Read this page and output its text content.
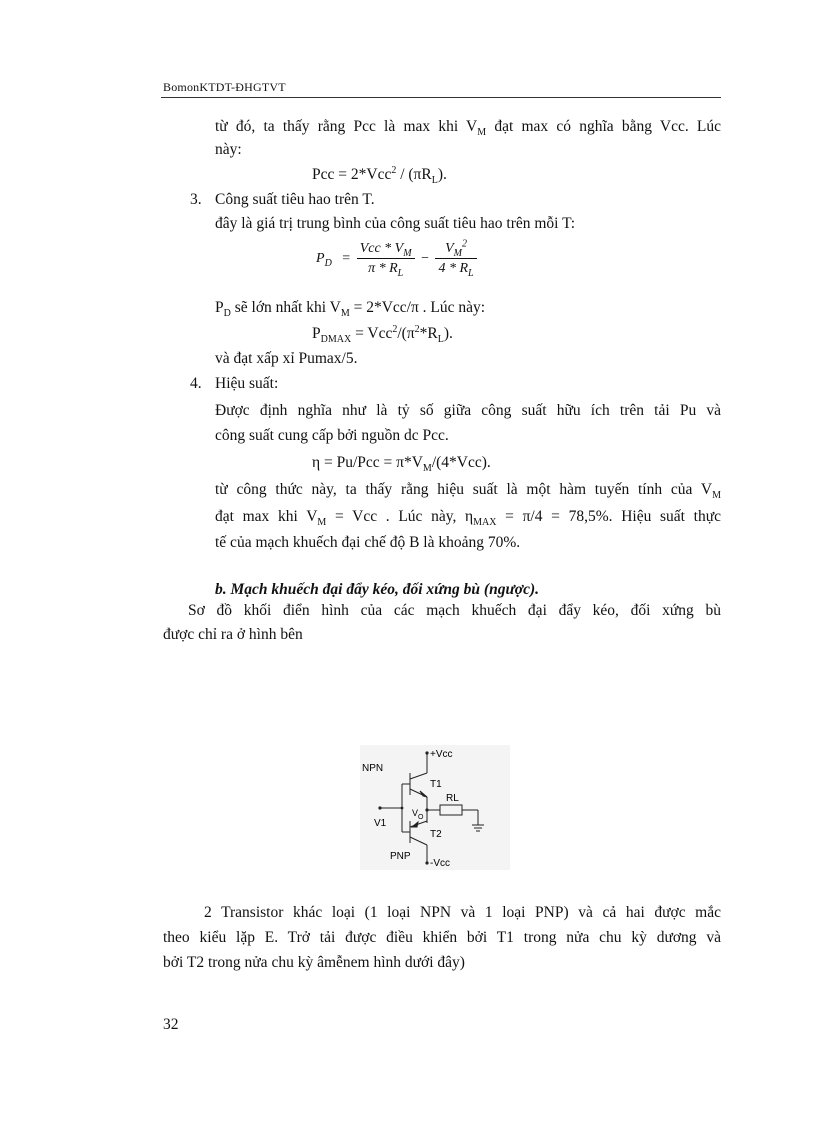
BomonKTDT-ĐHGTVT
từ đó, ta thấy rằng Pcc là max khi $V_M$ đạt max có nghĩa bằng Vcc. Lúc
này:
Pcc = $2*Vcc^2 / (\pi R_L)$.
3. Công suất tiêu hao trên T.
đây là giá trị trung bình của công suất tiêu hao trên mỗi T:
$P_D = \frac{Vcc * V_M}{\pi * R_L} - \frac{V_M^2}{4 * R_L}$
$P_D$ sẽ lớn nhất khi $V_M = 2*Vcc/\pi$ . Lúc này:
$P_{DMAX} = Vcc^2/(\pi^2*R_L)$.
và đạt xấp xỉ Pumax/5.
4. Hiệu suất:
Được định nghĩa như là tỷ số giữa công suất hữu ích trên tải Pu và
công suất cung cấp bởi nguồn dc Pcc.
$\eta = Pu/Pcc = \pi*V_M/(4*Vcc)$.
từ công thức này, ta thấy rằng hiệu suất là một hàm tuyến tính của $V_M$
đạt max khi $V_M$ = Vcc . Lúc này, $\eta_{MAX} = \pi/4 = 78,5\%$. Hiệu suất thực
tế của mạch khuếch đại chế độ B là khoảng 70%.
b. Mạch khuếch đại đẩy kéo, đối xứng bù (ngược).
Sơ đồ khối điển hình của các mạch khuếch đại đẩy kéo, đối xứng bù
được chỉ ra ở hình bên
NPN
+Vcc
T1
RL
$V_O$
V1
T2
PNP
-Vcc
2 Transistor khác loại (1 loại NPN và 1 loại PNP) và cả hai được mắc
theo kiểu lặp E. Trở tải được điều khiển bởi T1 trong nửa chu kỳ dương và
bởi T2 trong nửa chu kỳ âmễnem hình dưới đây)
32
